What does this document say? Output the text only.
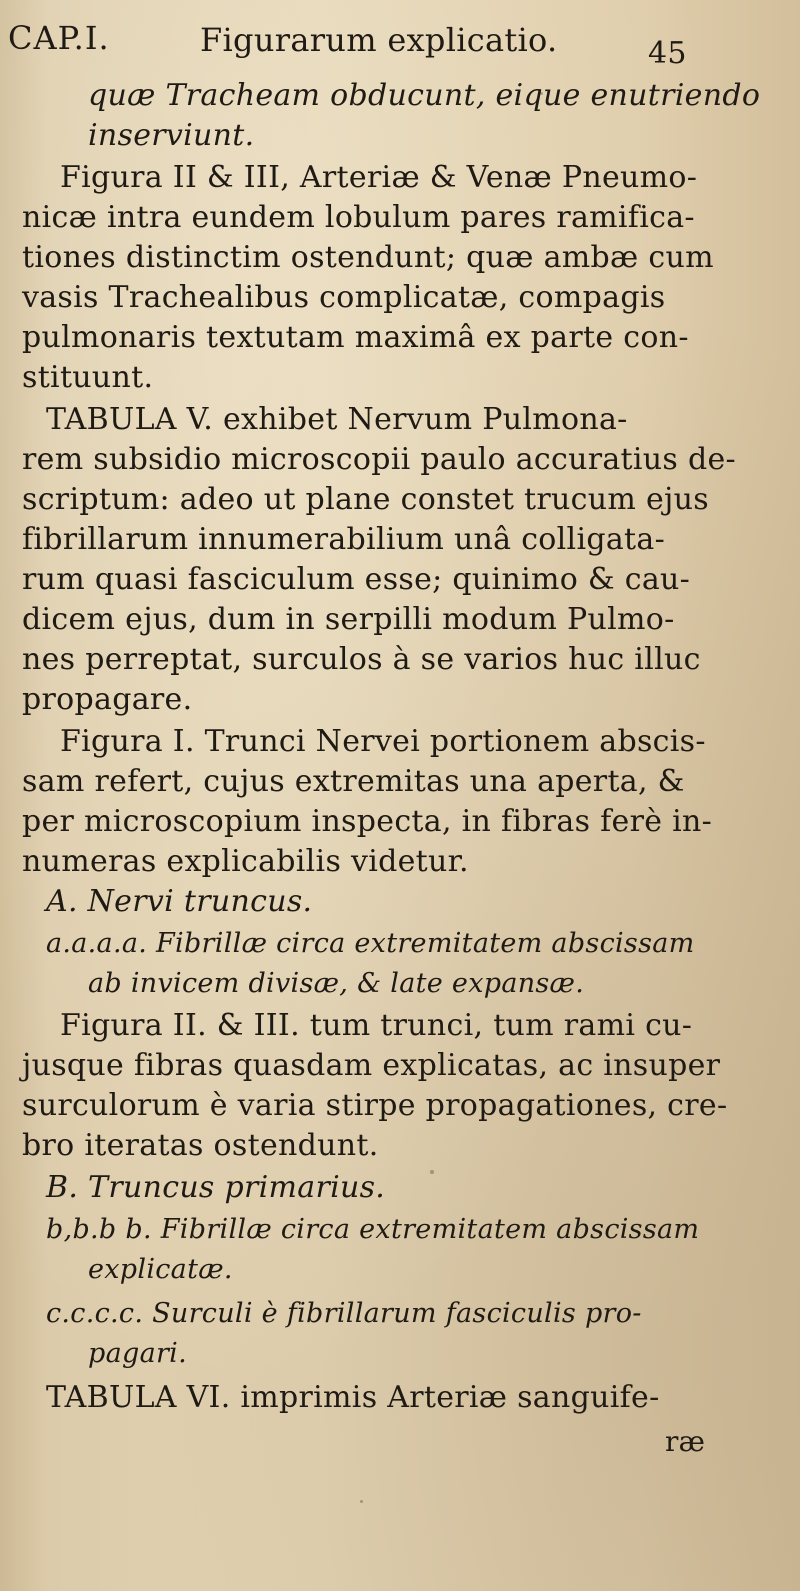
CAP.I.	Figurarum explicatio.	45
quæ Tracheam obducunt, eique enutriendo
inserviunt.
Figura II & III, Arteriæ & Venæ Pneumo-
nicæ intra eundem lobulum pares ramifica-
tiones distinctim ostendunt; quæ ambæ cum
vasis Trachealibus complicatæ, compagis
pulmonaris textutam maximâ ex parte con-
stituunt.
TABULA V. exhibet Nervum Pulmona-
rem subsidio microscopii paulo accuratius de-
scriptum: adeo ut plane constet trucum ejus
fibrillarum innumerabilium unâ colligata-
rum quasi fasciculum esse; quinimo & cau-
dicem ejus, dum in serpilli modum Pulmo-
nes perreptat, surculos à se varios huc illuc
propagare.
Figura I. Trunci Nervei portionem abscis-
sam refert, cujus extremitas una aperta, &
per microscopium inspecta, in fibras ferè in-
numeras explicabilis videtur.
A. Nervi truncus.
a.a.a.a. Fibrillæ circa extremitatem abscissam
ab invicem divisæ, & late expansæ.
Figura II. & III. tum trunci, tum rami cu-
jusque fibras quasdam explicatas, ac insuper
surculorum è varia stirpe propagationes, cre-
bro iteratas ostendunt.
B. Truncus primarius.
b,b.b b. Fibrillæ circa extremitatem abscissam
explicatæ.
c.c.c.c. Surculi è fibrillarum fasciculis pro-
pagari.
TABULA VI. imprimis Arteriæ sanguife-
ræ
